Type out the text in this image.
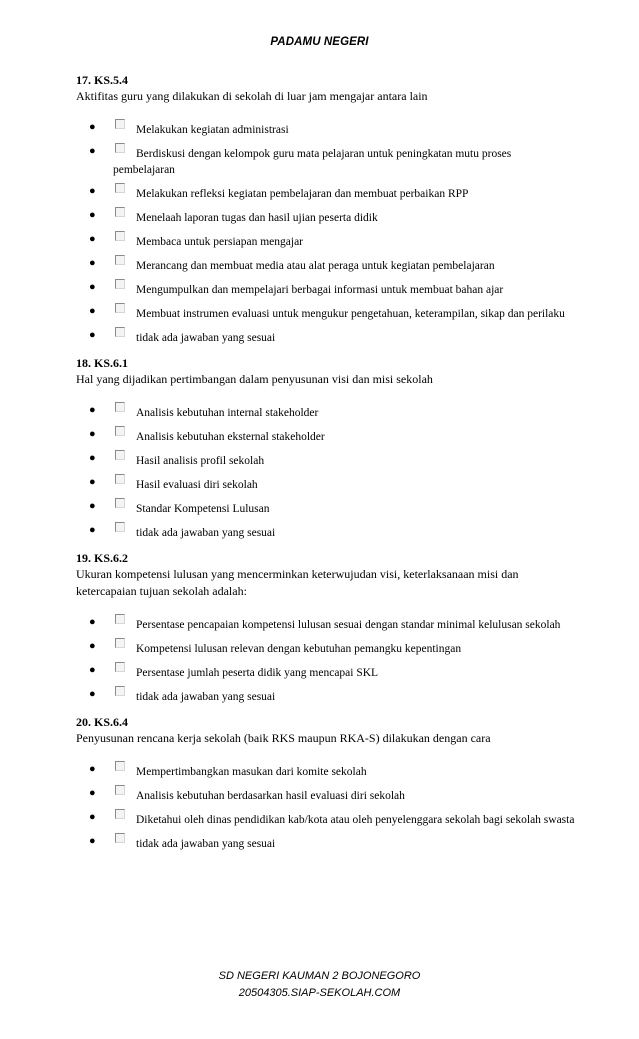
PADAMU NEGERI
17. KS.5.4
Aktifitas guru yang dilakukan di sekolah di luar jam mengajar antara lain
●	Melakukan kegiatan administrasi
●	Berdiskusi dengan kelompok guru mata pelajaran untuk peningkatan mutu proses pembelajaran
●	Melakukan refleksi kegiatan pembelajaran dan membuat perbaikan RPP
●	Menelaah laporan tugas dan hasil ujian peserta didik
●	Membaca untuk persiapan mengajar
●	Merancang dan membuat media atau alat peraga untuk kegiatan pembelajaran
●	Mengumpulkan dan mempelajari berbagai informasi untuk membuat bahan ajar
●	Membuat instrumen evaluasi untuk mengukur pengetahuan, keterampilan, sikap dan perilaku
●	tidak ada jawaban yang sesuai
18. KS.6.1
Hal yang dijadikan pertimbangan dalam penyusunan visi dan misi sekolah
●	Analisis kebutuhan internal stakeholder
●	Analisis kebutuhan eksternal stakeholder
●	Hasil analisis profil sekolah
●	Hasil evaluasi diri sekolah
●	Standar Kompetensi Lulusan
●	tidak ada jawaban yang sesuai
19. KS.6.2
Ukuran kompetensi lulusan yang mencerminkan keterwujudan visi, keterlaksanaan misi dan ketercapaian tujuan sekolah adalah:
●	Persentase pencapaian kompetensi lulusan sesuai dengan standar minimal kelulusan sekolah
●	Kompetensi lulusan relevan dengan kebutuhan pemangku kepentingan
●	Persentase jumlah peserta didik yang mencapai SKL
●	tidak ada jawaban yang sesuai
20. KS.6.4
Penyusunan rencana kerja sekolah (baik RKS maupun RKA-S) dilakukan dengan cara
●	Mempertimbangkan masukan dari komite sekolah
●	Analisis kebutuhan berdasarkan hasil evaluasi diri sekolah
●	Diketahui oleh dinas pendidikan kab/kota atau oleh penyelenggara sekolah bagi sekolah swasta
●	tidak ada jawaban yang sesuai
SD NEGERI KAUMAN 2 BOJONEGORO
20504305.SIAP-SEKOLAH.COM
